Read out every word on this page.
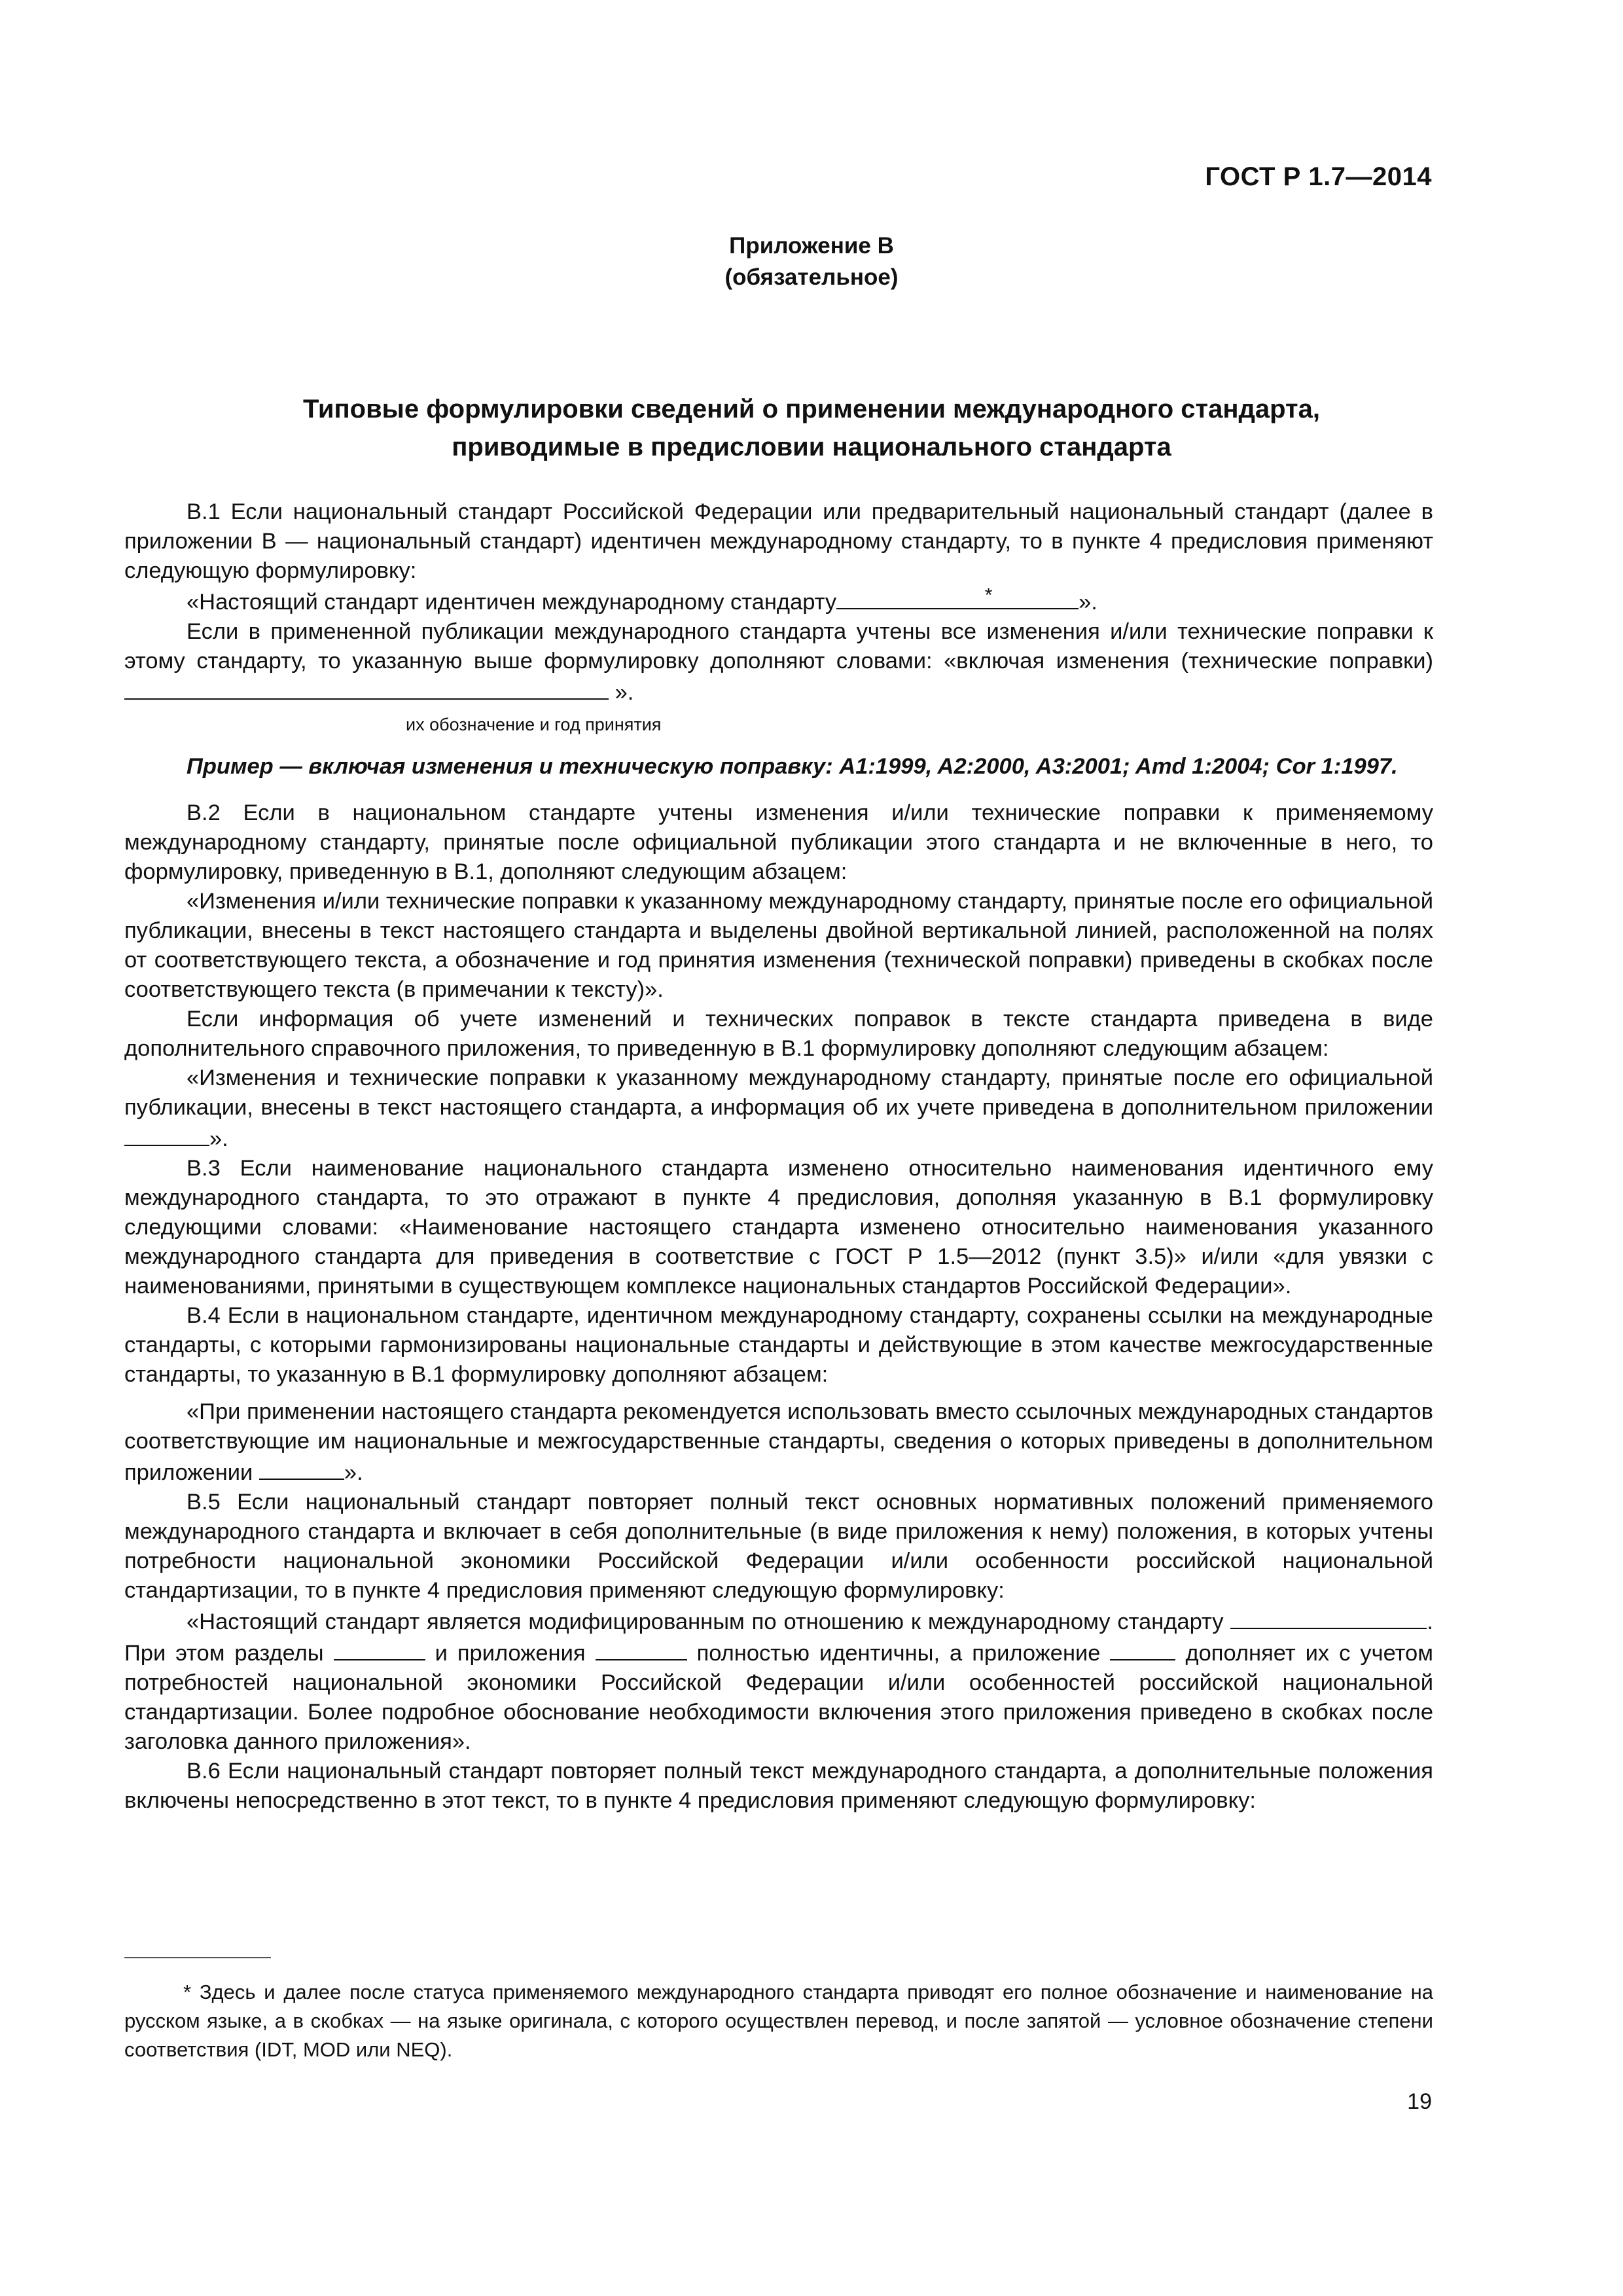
ГОСТ Р 1.7—2014
Приложение В
(обязательное)
Типовые формулировки сведений о применении международного стандарта,
приводимые в предисловии национального стандарта

В.1 Если национальный стандарт Российской Федерации или предварительный национальный стандарт (далее в приложении В — национальный стандарт) идентичен международному стандарту, то в пункте 4 предисловия применяют следующую формулировку:

«Настоящий стандарт идентичен международному стандарту	*	».

Если в примененной публикации международного стандарта учтены все изменения и/или технические поправки к этому стандарту, то указанную выше формулировку дополняют словами: «включая изменения (технические поправки)  ».

их обозначение и год принятия

Пример — включая изменения и техническую поправку: A1:1999, A2:2000, A3:2001; Amd 1:2004; Cor 1:1997.

В.2 Если в национальном стандарте учтены изменения и/или технические поправки к применяемому международному стандарту, принятые после официальной публикации этого стандарта и не включенные в него, то формулировку, приведенную в В.1, дополняют следующим абзацем:

«Изменения и/или технические поправки к указанному международному стандарту, принятые после его официальной публикации, внесены в текст настоящего стандарта и выделены двойной вертикальной линией, расположенной на полях от соответствующего текста, а обозначение и год принятия изменения (технической поправки) приведены в скобках после соответствующего текста (в примечании к тексту)».

Если информация об учете изменений и технических поправок в тексте стандарта приведена в виде дополнительного справочного приложения, то приведенную в В.1 формулировку дополняют следующим абзацем:

«Изменения и технические поправки к указанному международному стандарту, принятые после его официальной публикации, внесены в текст настоящего стандарта, а информация об их учете приведена в дополнительном приложении ».

В.3 Если наименование национального стандарта изменено относительно наименования идентичного ему международного стандарта, то это отражают в пункте 4 предисловия, дополняя указанную в В.1 формулировку следующими словами: «Наименование настоящего стандарта изменено относительно наименования указанного международного стандарта для приведения в соответствие с ГОСТ Р 1.5—2012 (пункт 3.5)» и/или «для увязки с наименованиями, принятыми в существующем комплексе национальных стандартов Российской Федерации».

В.4 Если в национальном стандарте, идентичном международному стандарту, сохранены ссылки на международные стандарты, с которыми гармонизированы национальные стандарты и действующие в этом качестве межгосударственные стандарты, то указанную в В.1 формулировку дополняют абзацем:

«При применении настоящего стандарта рекомендуется использовать вместо ссылочных международных стандартов соответствующие им национальные и межгосударственные стандарты, сведения о которых приведены в дополнительном приложении	».

В.5 Если национальный стандарт повторяет полный текст основных нормативных положений применяемого международного стандарта и включает в себя дополнительные (в виде приложения к нему) положения, в которых учтены потребности национальной экономики Российской Федерации и/или особенности российской национальной стандартизации, то в пункте 4 предисловия применяют следующую формулировку:

«Настоящий стандарт является модифицированным по отношению к международному стандарту	. При этом разделы	и приложения	полностью идентичны, а приложение	дополняет их с учетом потребностей национальной экономики Российской Федерации и/или особенностей российской национальной стандартизации. Более подробное обоснование необходимости включения этого приложения приведено в скобках после заголовка данного приложения».

В.6 Если национальный стандарт повторяет полный текст международного стандарта, а дополнительные положения включены непосредственно в этот текст, то в пункте 4 предисловия применяют следующую формулировку:

* Здесь и далее после статуса применяемого международного стандарта приводят его полное обозначение и наименование на русском языке, а в скобках — на языке оригинала, с которого осуществлен перевод, и после запятой — условное обозначение степени соответствия (IDT, MOD или NEQ).
19
